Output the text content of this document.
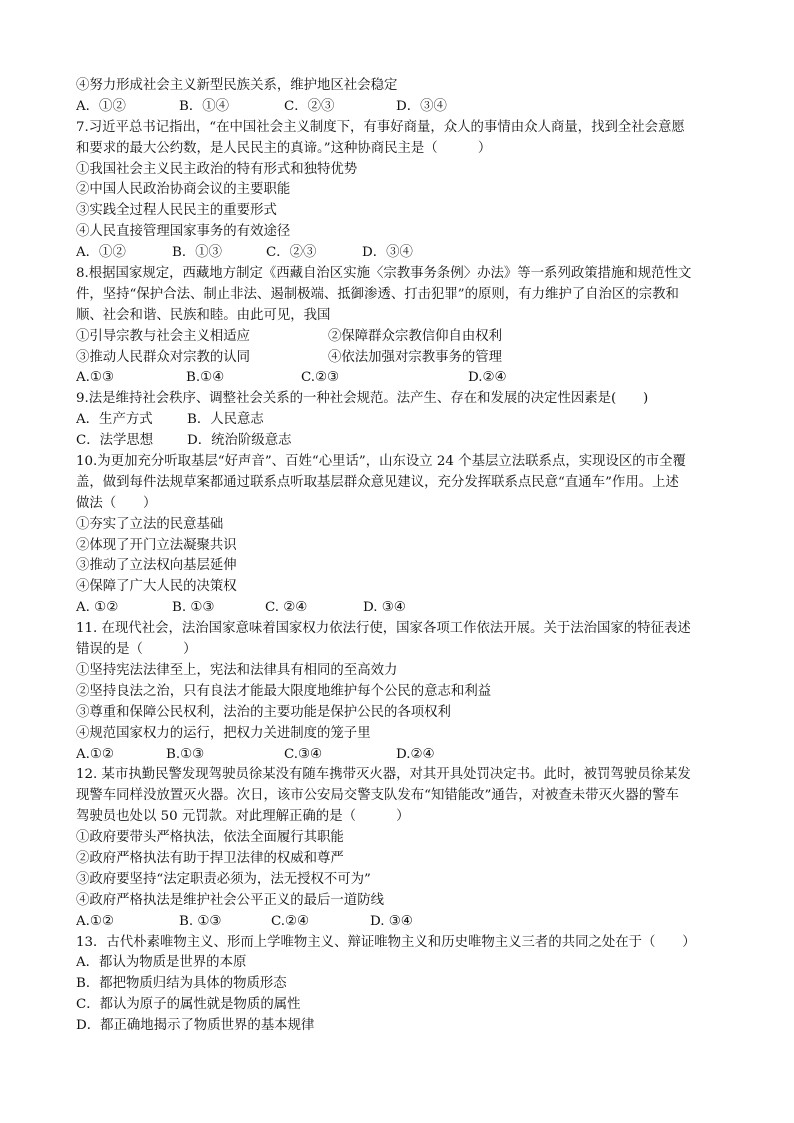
④努力形成社会主义新型民族关系，维护地区社会稳定
A．①②	B．①④	C．②③	D．③④
7.习近平总书记指出，“在中国社会主义制度下，有事好商量，众人的事情由众人商量，找到全社会意愿
和要求的最大公约数，是人民民主的真谛。”这种协商民主是（　　　）
①我国社会主义民主政治的特有形式和独特优势
②中国人民政治协商会议的主要职能
③实践全过程人民民主的重要形式
④人民直接管理国家事务的有效途径
A．①②	B．①③	C．②③	D．③④
8.根据国家规定，西藏地方制定《西藏自治区实施〈宗教事务条例〉办法》等一系列政策措施和规范性文
件，坚持“保护合法、制止非法、遏制极端、抵御渗透、打击犯罪”的原则，有力维护了自治区的宗教和
顺、社会和谐、民族和睦。由此可见，我国
①引导宗教与社会主义相适应	②保障群众宗教信仰自由权利
③推动人民群众对宗教的认同	④依法加强对宗教事务的管理
A.①③	B.①④	C.②③	D.②④
9.法是维持社会秩序、调整社会关系的一种社会规范。法产生、存在和发展的决定性因素是(　　)
A．生产方式	B．人民意志
C．法学思想	D．统治阶级意志
10.为更加充分听取基层“好声音”、百姓“心里话”，山东设立 24 个基层立法联系点，实现设区的市全覆
盖，做到每件法规草案都通过联系点听取基层群众意见建议，充分发挥联系点民意“直通车”作用。上述
做法（　　）
①夯实了立法的民意基础
②体现了开门立法凝聚共识
③推动了立法权向基层延伸
④保障了广大人民的决策权
A. ①②	B. ①③	C. ②④	D. ③④
11. 在现代社会，法治国家意味着国家权力依法行使，国家各项工作依法开展。关于法治国家的特征表述
错误的是（　　　）
①坚持宪法法律至上，宪法和法律具有相同的至高效力
②坚持良法之治，只有良法才能最大限度地维护每个公民的意志和利益
③尊重和保障公民权利，法治的主要功能是保护公民的各项权利
④规范国家权力的运行，把权力关进制度的笼子里
A.①②	B.①③	C.③④	D.②④
12. 某市执勤民警发现驾驶员徐某没有随车携带灭火器，对其开具处罚决定书。此时，被罚驾驶员徐某发
现警车同样没放置灭火器。次日，该市公安局交警支队发布“知错能改”通告，对被查未带灭火器的警车
驾驶员也处以 50 元罚款。对此理解正确的是（　　　）
①政府要带头严格执法，依法全面履行其职能
②政府严格执法有助于捍卫法律的权威和尊严
③政府要坚持“法定职责必须为，法无授权不可为”
④政府严格执法是维护社会公平正义的最后一道防线
A.①②	B. ①③	C.②④	D. ③④
13．古代朴素唯物主义、形而上学唯物主义、辩证唯物主义和历史唯物主义三者的共同之处在于（　　）
A．都认为物质是世界的本原
B．都把物质归结为具体的物质形态
C．都认为原子的属性就是物质的属性
D．都正确地揭示了物质世界的基本规律
